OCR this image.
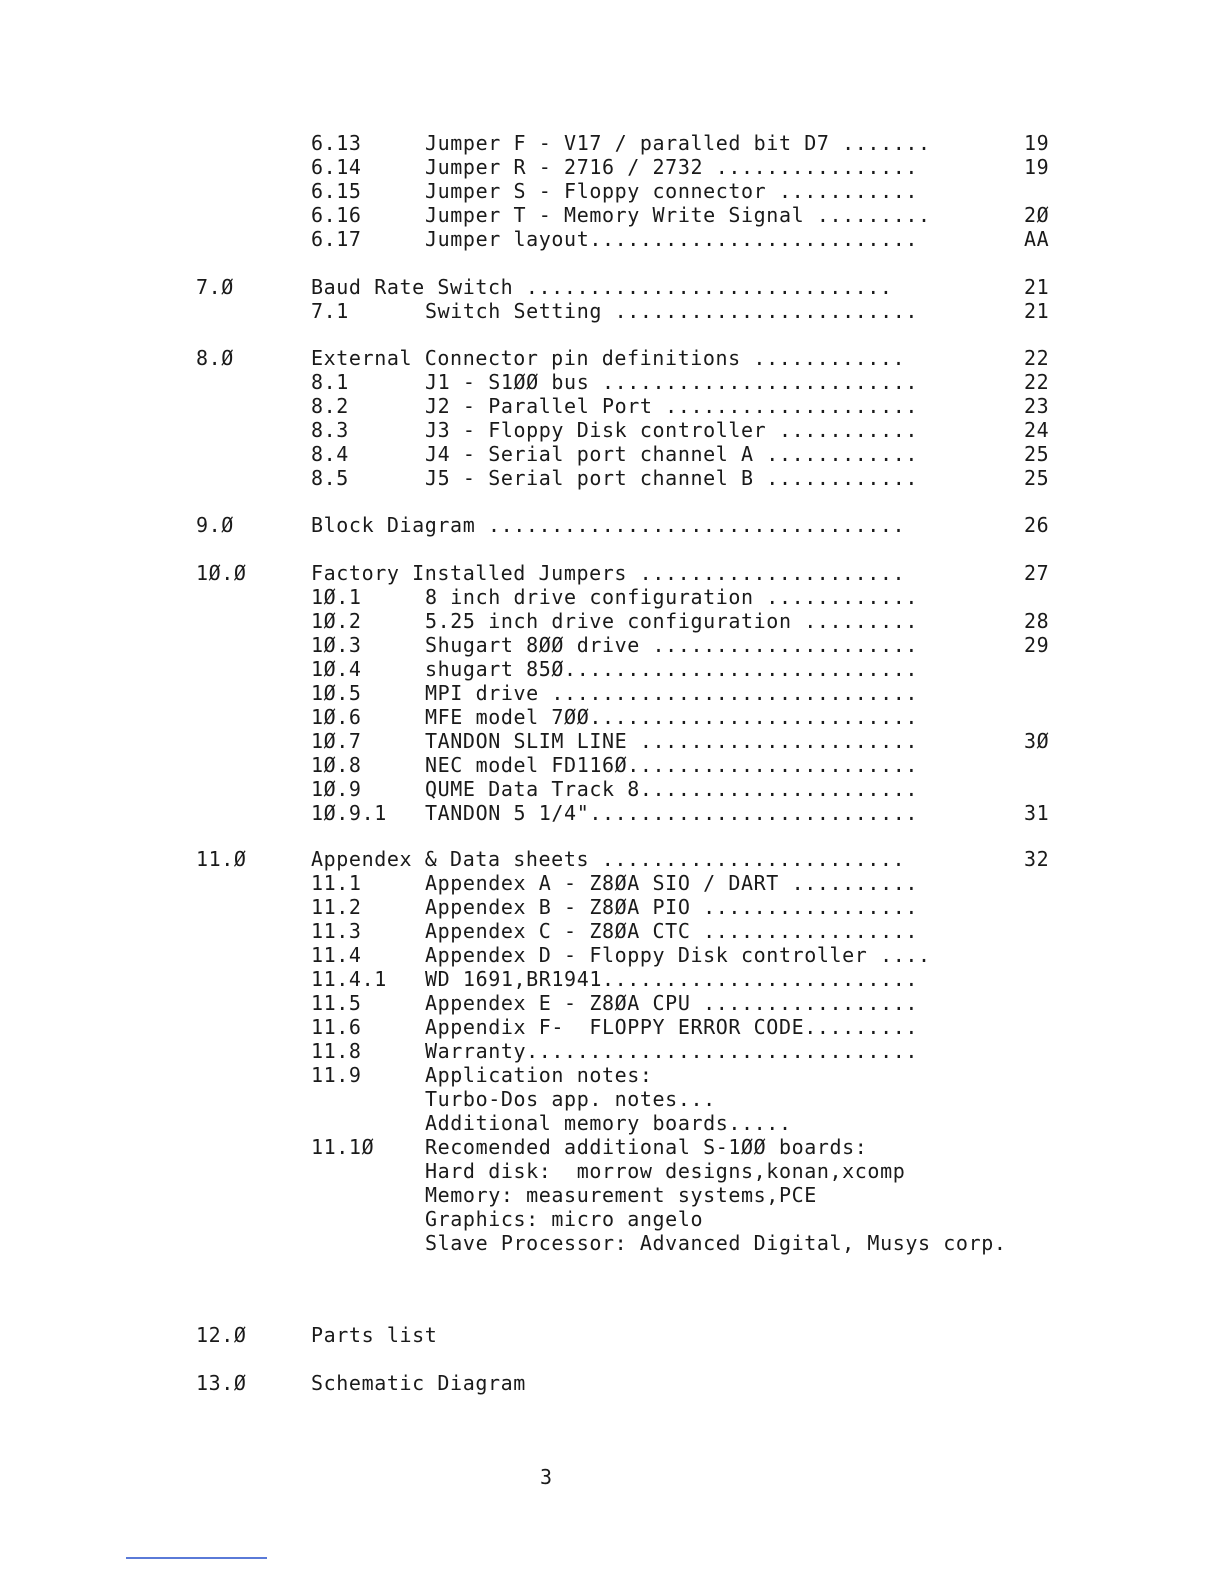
6.13	Jumper F - V17 / paralled bit D7 .......	19
6.14	Jumper R - 2716 / 2732 ................	19
6.15	Jumper S - Floppy connector ...........
6.16	Jumper T - Memory Write Signal .........	2Ø
6.17	Jumper layout..........................	AA
7.Ø	Baud Rate Switch .............................	21
7.1	Switch Setting ........................	21
8.Ø	External Connector pin definitions ............	22
8.1	J1 - S1ØØ bus .........................	22
8.2	J2 - Parallel Port ....................	23
8.3	J3 - Floppy Disk controller ...........	24
8.4	J4 - Serial port channel A ............	25
8.5	J5 - Serial port channel B ............	25
9.Ø	Block Diagram .................................	26
1Ø.Ø	Factory Installed Jumpers .....................	27
1Ø.1	8 inch drive configuration ............
1Ø.2	5.25 inch drive configuration .........	28
1Ø.3	Shugart 8ØØ drive .....................	29
1Ø.4	shugart 85Ø............................
1Ø.5	MPI drive .............................
1Ø.6	MFE model 7ØØ..........................
1Ø.7	TANDON SLIM LINE ......................	3Ø
1Ø.8	NEC model FD116Ø.......................
1Ø.9	QUME Data Track 8......................
1Ø.9.1 TANDON 5 1/4"..........................	31
11.Ø	Appendex & Data sheets ........................	32
11.1	Appendex A - Z8ØA SIO / DART ..........
11.2	Appendex B - Z8ØA PIO .................
11.3	Appendex C - Z8ØA CTC .................
11.4	Appendex D - Floppy Disk controller ....
11.4.1 WD 1691,BR1941.........................
11.5	Appendex E - Z8ØA CPU .................
11.6	Appendix F-  FLOPPY ERROR CODE.........
11.8	Warranty...............................
11.9	Application notes:
Turbo-Dos app. notes...
Additional memory boards.....
11.1Ø	Recomended additional S-1ØØ boards:
Hard disk:  morrow designs,konan,xcomp
Memory: measurement systems,PCE
Graphics: micro angelo
Slave Processor: Advanced Digital, Musys corp.
12.Ø	Parts list
13.Ø	Schematic Diagram
3
